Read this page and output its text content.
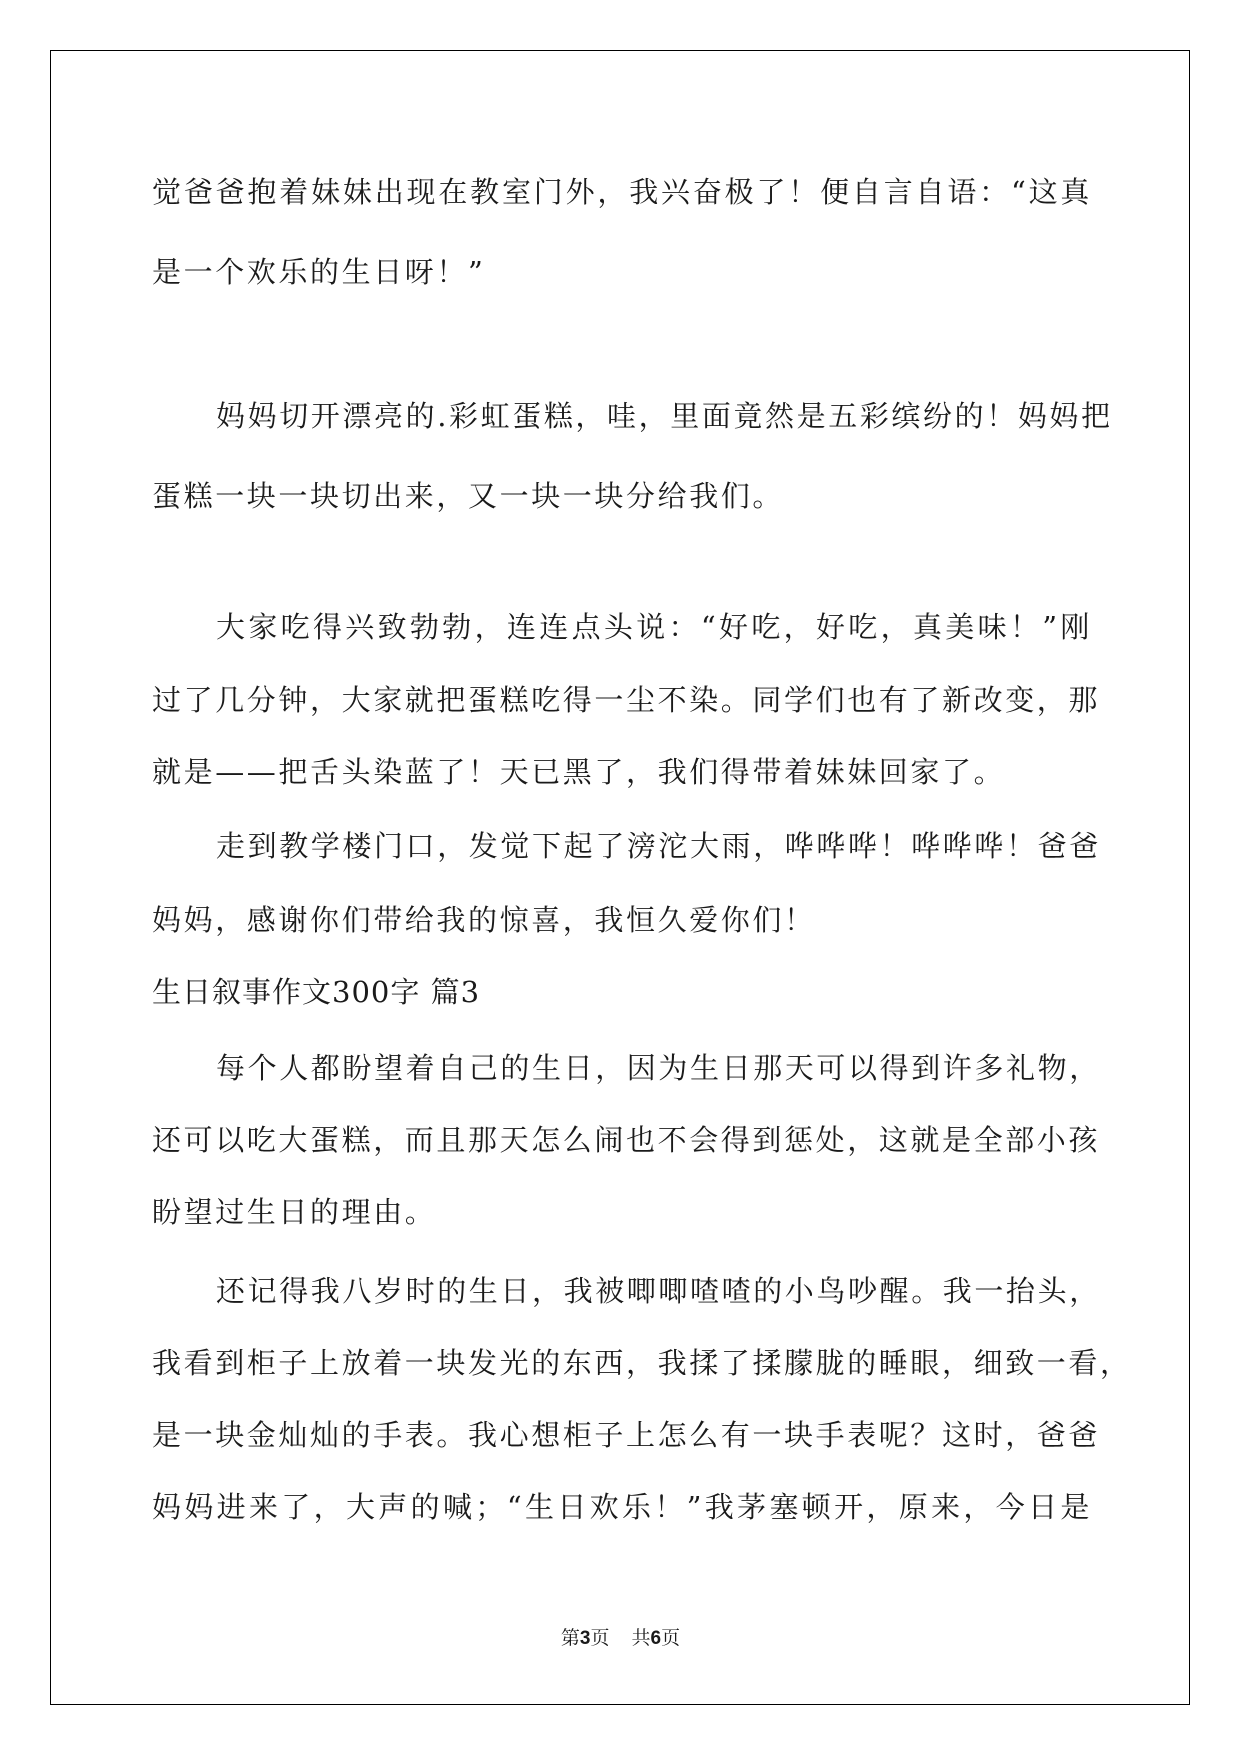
觉爸爸抱着妹妹出现在教室门外，我兴奋极了！便自言自语：“这真
是一个欢乐的生日呀！”
妈妈切开漂亮的.彩虹蛋糕，哇，里面竟然是五彩缤纷的！妈妈把
蛋糕一块一块切出来，又一块一块分给我们。
大家吃得兴致勃勃，连连点头说：“好吃，好吃，真美味！”刚
过了几分钟，大家就把蛋糕吃得一尘不染。同学们也有了新改变，那
就是——把舌头染蓝了！天已黑了，我们得带着妹妹回家了。
走到教学楼门口，发觉下起了滂沱大雨，哗哗哗！哗哗哗！爸爸
妈妈，感谢你们带给我的惊喜，我恒久爱你们！
生日叙事作文300字 篇3
每个人都盼望着自己的生日，因为生日那天可以得到许多礼物，
还可以吃大蛋糕，而且那天怎么闹也不会得到惩处，这就是全部小孩
盼望过生日的理由。
还记得我八岁时的生日，我被唧唧喳喳的小鸟吵醒。我一抬头，
我看到柜子上放着一块发光的东西，我揉了揉朦胧的睡眼，细致一看，
是一块金灿灿的手表。我心想柜子上怎么有一块手表呢？这时，爸爸
妈妈进来了，大声的喊；“生日欢乐！”我茅塞顿开，原来，今日是
第3页 共6页
